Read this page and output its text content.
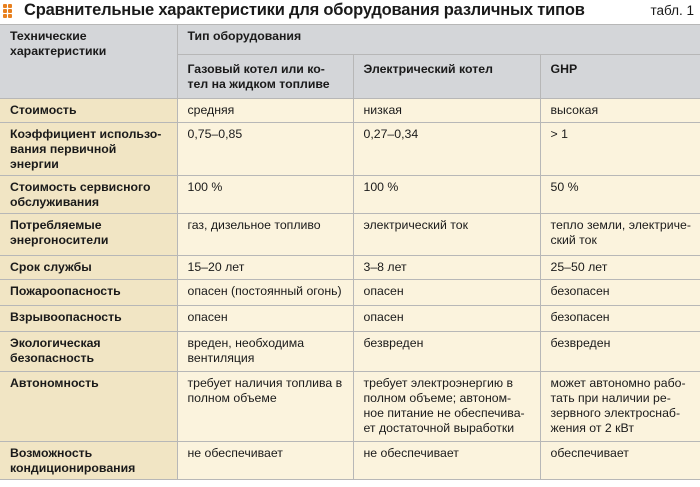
Сравнительные характеристики для оборудования различных типов	табл. 1
Технические характеристики	Тип оборудования		

Газовый котел или ко-тел на жидком топливе	Электрический котел	GHP
Стоимость	средняя	низкая	высокая
Коэффициент использо-вания первичной энергии	0,75–0,85	0,27–0,34	> 1
Стоимость сервисного обслуживания	100 %	100 %	50 %
Потребляемые энергоносители	газ, дизельное топливо	электрический ток	тепло земли, электриче-ский ток
Срок службы	15–20 лет	3–8 лет	25–50 лет
Пожароопасность	опасен (постоянный огонь)	опасен	безопасен
Взрывоопасность	опасен	опасен	безопасен
Экологическая безопасность	вреден, необходима вентиляция	безвреден	безвреден
Автономность	требует наличия топлива в полном объеме	требует электроэнергию в полном объеме; автоном-ное питание не обеспечива-ет достаточной выработки	может автономно рабо-тать при наличии ре-зервного электроснаб-жения от 2 кВт
Возможность кондиционирования	не обеспечивает	не обеспечивает	обеспечивает
